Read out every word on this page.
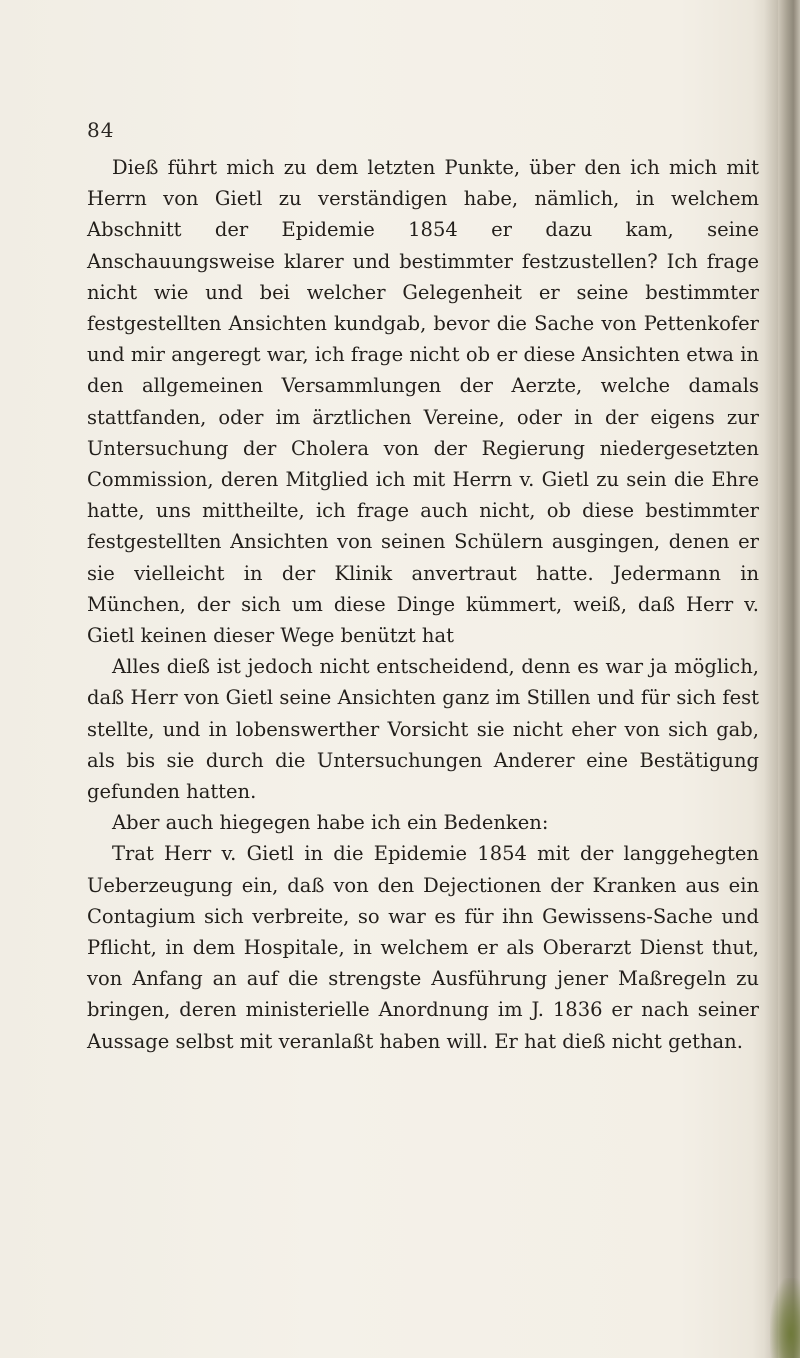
84

Dieß führt mich zu dem letzten Punkte, über den ich mich mit Herrn von Gietl zu verständigen habe, nämlich, in welchem Abschnitt der Epidemie 1854 er dazu kam, seine Anschauungsweise klarer und bestimmter festzustellen? Ich frage nicht wie und bei welcher Gelegenheit er seine bestimmter festgestellten Ansichten kundgab, bevor die Sache von Pettenkofer und mir angeregt war, ich frage nicht ob er diese Ansichten etwa in den allgemeinen Versammlungen der Aerzte, welche damals stattfanden, oder im ärztlichen Vereine, oder in der eigens zur Untersuchung der Cholera von der Regierung niedergesetzten Commission, deren Mitglied ich mit Herrn v. Gietl zu sein die Ehre hatte, uns mittheilte, ich frage auch nicht, ob diese bestimmter festgestellten Ansichten von seinen Schülern ausgingen, denen er sie vielleicht in der Klinik anvertraut hatte. Jedermann in München, der sich um diese Dinge kümmert, weiß, daß Herr v. Gietl keinen dieser Wege benützt hat

Alles dieß ist jedoch nicht entscheidend, denn es war ja möglich, daß Herr von Gietl seine Ansichten ganz im Stillen und für sich fest stellte, und in lobenswerther Vorsicht sie nicht eher von sich gab, als bis sie durch die Untersuchungen Anderer eine Bestätigung gefunden hatten.

Aber auch hiegegen habe ich ein Bedenken:

Trat Herr v. Gietl in die Epidemie 1854 mit der langgehegten Ueberzeugung ein, daß von den Dejectionen der Kranken aus ein Contagium sich verbreite, so war es für ihn Gewissens-Sache und Pflicht, in dem Hospitale, in welchem er als Oberarzt Dienst thut, von Anfang an auf die strengste Ausführung jener Maßregeln zu bringen, deren ministerielle Anordnung im J. 1836 er nach seiner Aussage selbst mit veranlaßt haben will. Er hat dieß nicht gethan.
